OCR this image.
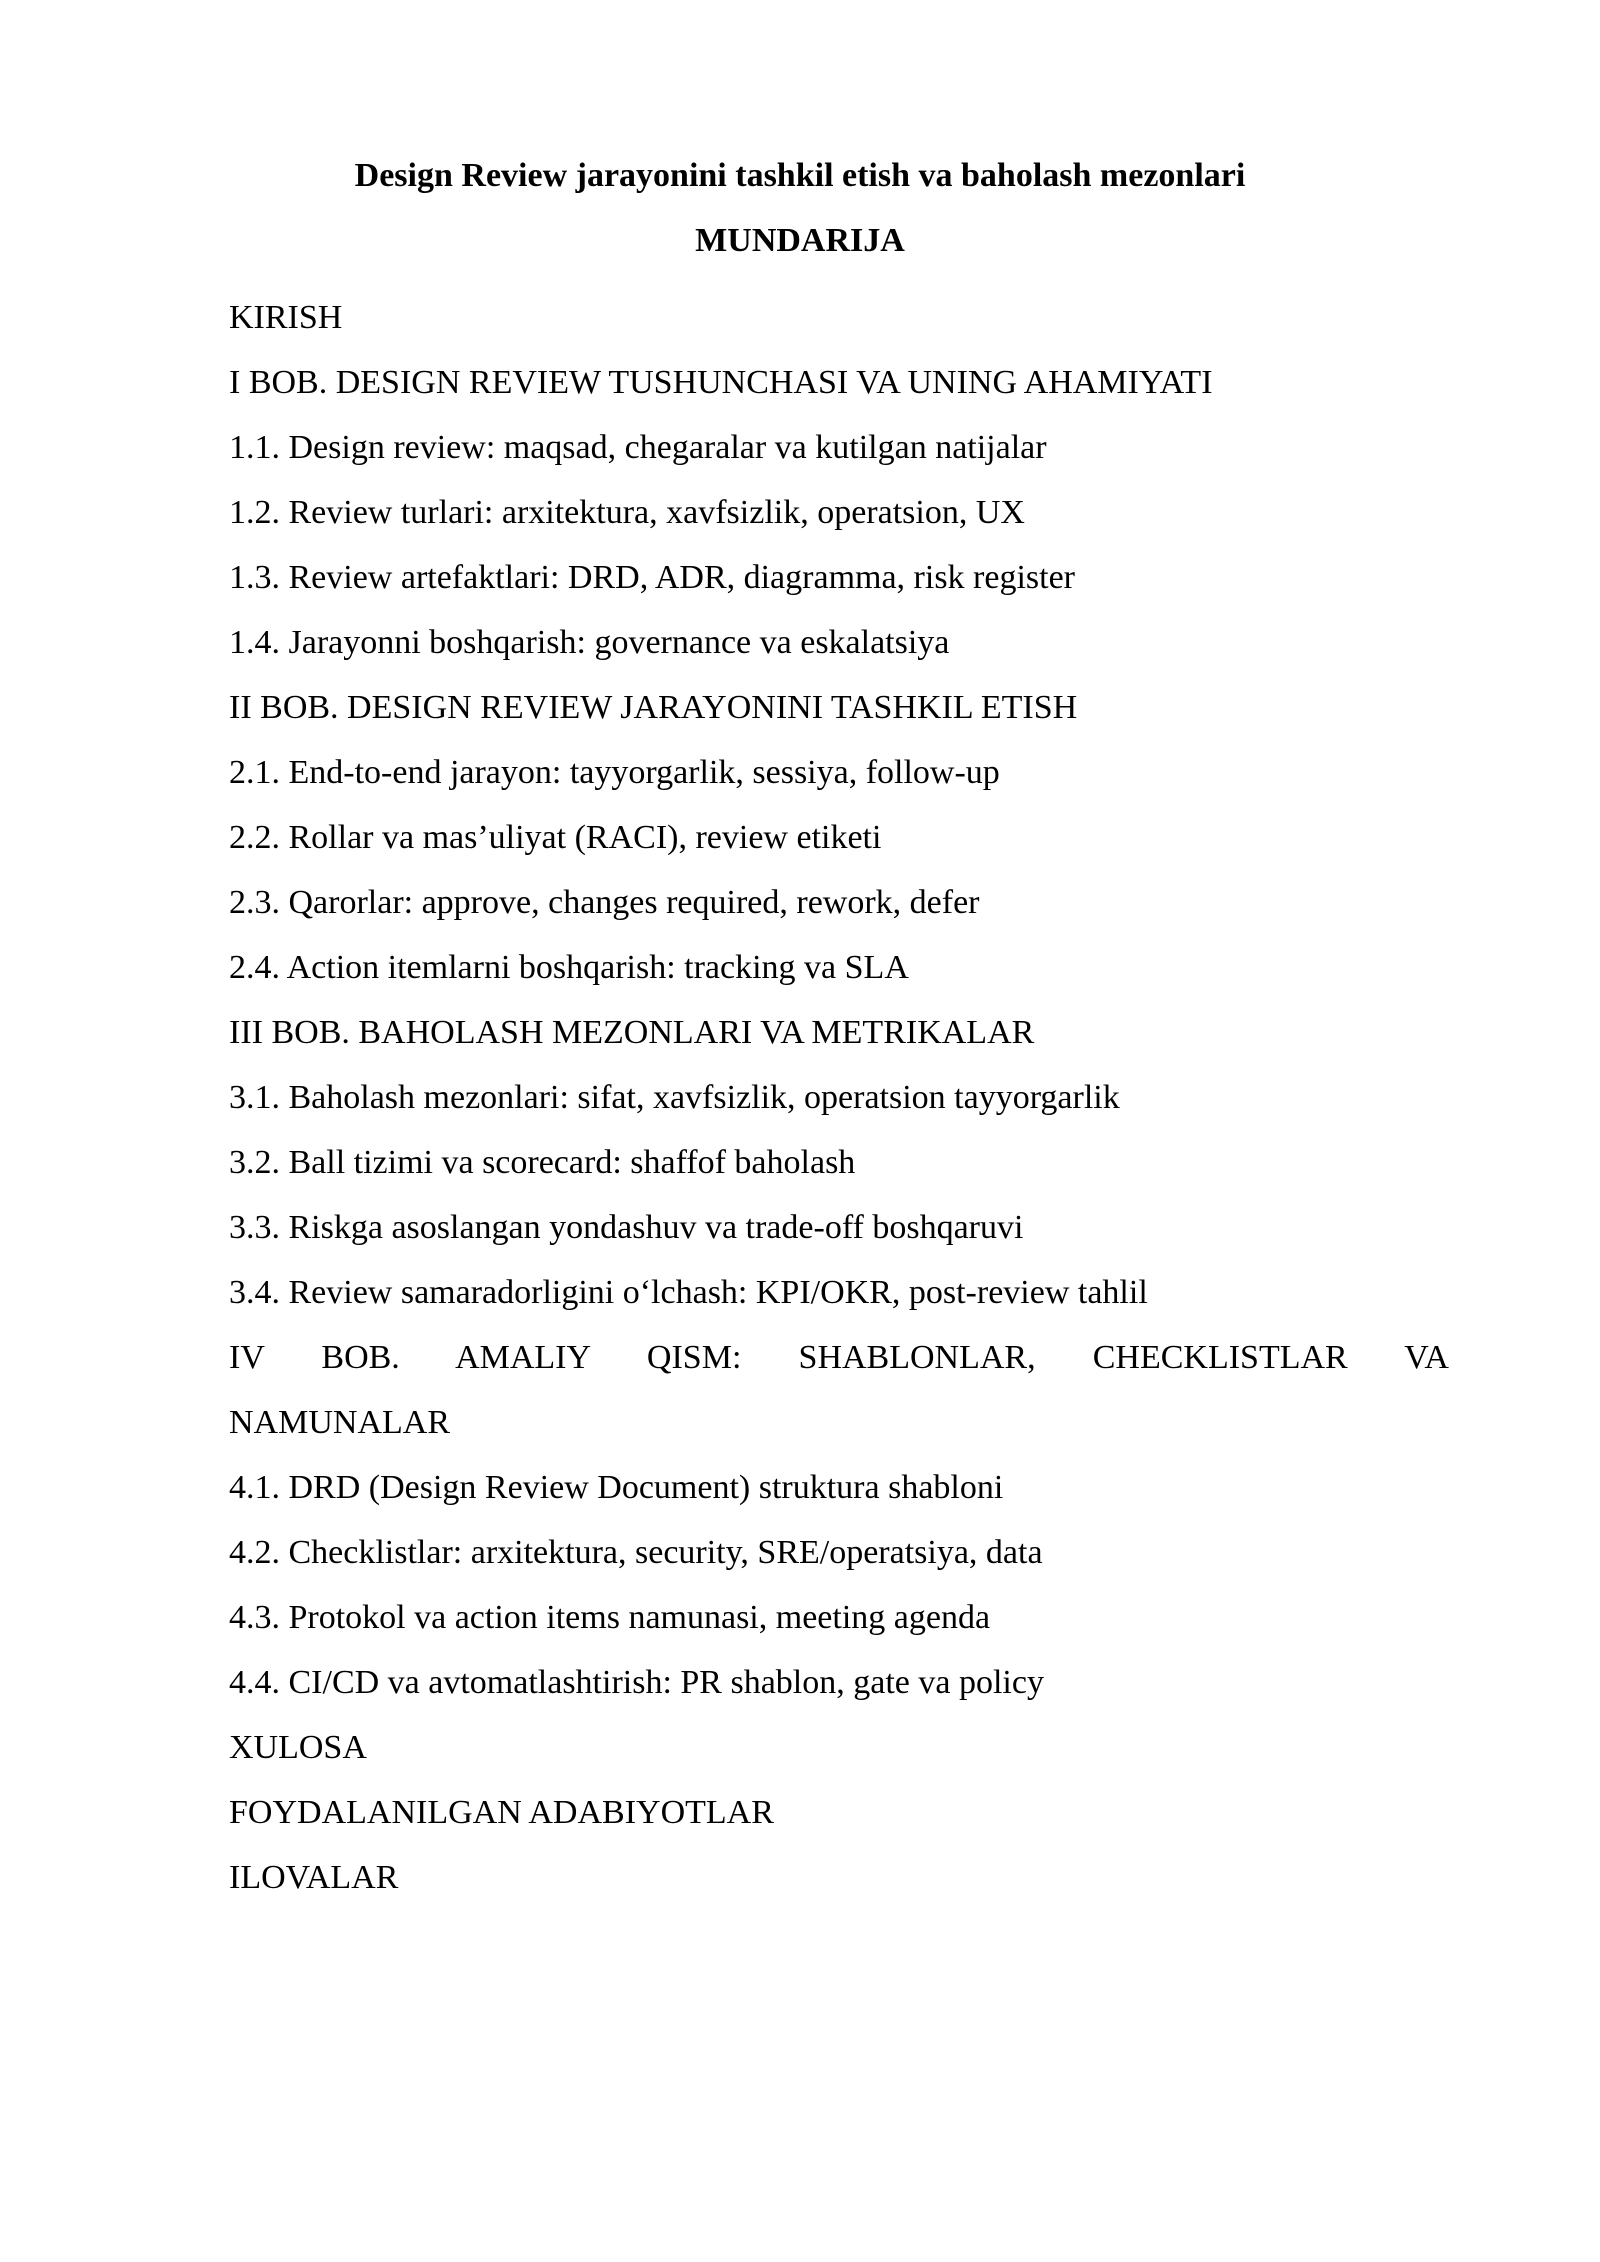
Design Review jarayonini tashkil etish va baholash mezonlari
MUNDARIJA
KIRISH
I BOB. DESIGN REVIEW TUSHUNCHASI VA UNING AHAMIYATI
1.1. Design review: maqsad, chegaralar va kutilgan natijalar
1.2. Review turlari: arxitektura, xavfsizlik, operatsion, UX
1.3. Review artefaktlari: DRD, ADR, diagramma, risk register
1.4. Jarayonni boshqarish: governance va eskalatsiya
II BOB. DESIGN REVIEW JARAYONINI TASHKIL ETISH
2.1. End-to-end jarayon: tayyorgarlik, sessiya, follow-up
2.2. Rollar va mas’uliyat (RACI), review etiketi
2.3. Qarorlar: approve, changes required, rework, defer
2.4. Action itemlarni boshqarish: tracking va SLA
III BOB. BAHOLASH MEZONLARI VA METRIKALAR
3.1. Baholash mezonlari: sifat, xavfsizlik, operatsion tayyorgarlik
3.2. Ball tizimi va scorecard: shaffof baholash
3.3. Riskga asoslangan yondashuv va trade-off boshqaruvi
3.4. Review samaradorligini o‘lchash: KPI/OKR, post-review tahlil
IV BOB. AMALIY QISM: SHABLONLAR, CHECKLISTLAR VA
NAMUNALAR
4.1. DRD (Design Review Document) struktura shabloni
4.2. Checklistlar: arxitektura, security, SRE/operatsiya, data
4.3. Protokol va action items namunasi, meeting agenda
4.4. CI/CD va avtomatlashtirish: PR shablon, gate va policy
XULOSA
FOYDALANILGAN ADABIYOTLAR
ILOVALAR
